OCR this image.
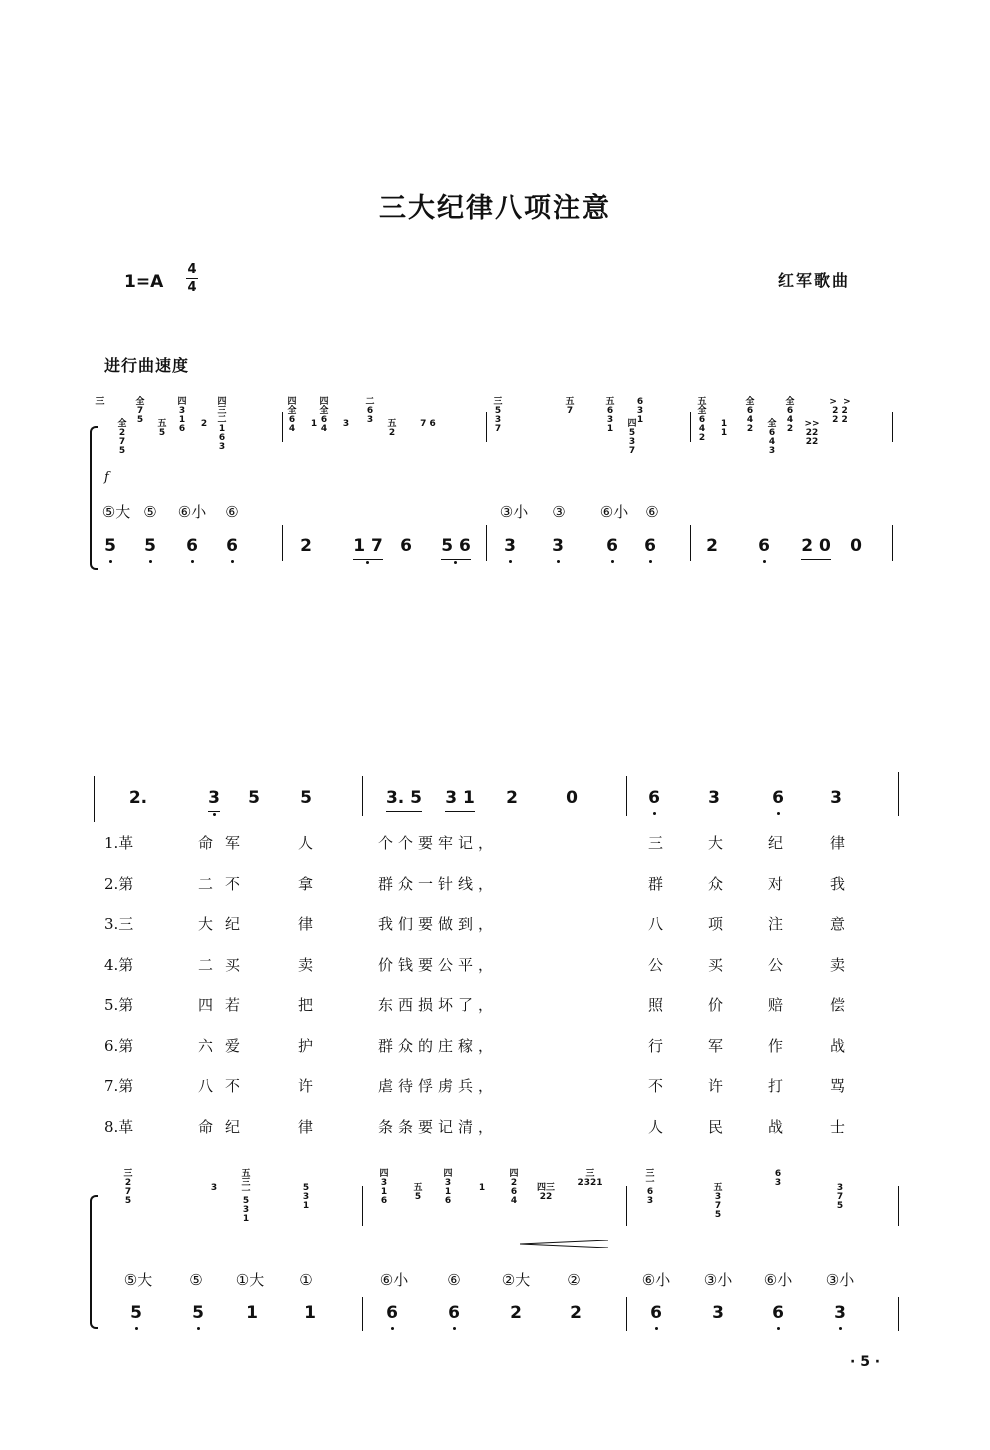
三大纪律八项注意
1=A
4
4	红军歌曲
进行曲速度
f
三

全
2
7
5
全
7
5	五
5
四
3
1
6	2
四
三
二
1
6
3
四
全
6
4	1
四
全
6
4	3
二
6
3	五
2
7 6
三
5
3
7
五
7
五
6
3
1	四
5
3
7
6
3
1
五
全
6
4
2
1
1
全
6
4
2	全
6
4
3
全
6
4
2	>>
22
22
>  >
2 2
2 2
⑤大 ⑤	⑥小	⑥	③小	③	⑥小	⑥
5	5	6	6	2	1 7	6	5 6	3	3	6	6	2	6	2 0	0
2.	3	5	5	3. 5	3 1	2	0	6	3	6	3
1.革	命军	人	个个要牢记，	三	大	纪	律
2.第	二不	拿	群众一针线，	群	众	对	我
3.三	大纪	律	我们要做到，	八	项	注	意
4.第	二买	卖	价钱要公平，	公	买	公	卖
5.第	四若	把	东西损坏了，	照	价	赔	偿
6.第	六爱	护	群众的庄稼，	行	军	作	战
7.第	八不	许	虐待俘虏兵，	不	许	打	骂
8.革	命纪	律	条条要记清，	人	民	战	士
三
2
7
5
3
五
三
一
5
3
1
5
3
1
四
3
1
6
五
5
四
3
1
6
1
四
2
6
4
四三
22
三
2321
三
一
6
3
五
3
7
5
6
3	3
7
5
⑤大	⑤	①大	①	⑥小	⑥	②大	②	⑥小	③小	⑥小	③小
5	5	1	1	6	6	2	2	6	3	6	3
· 5 ·
